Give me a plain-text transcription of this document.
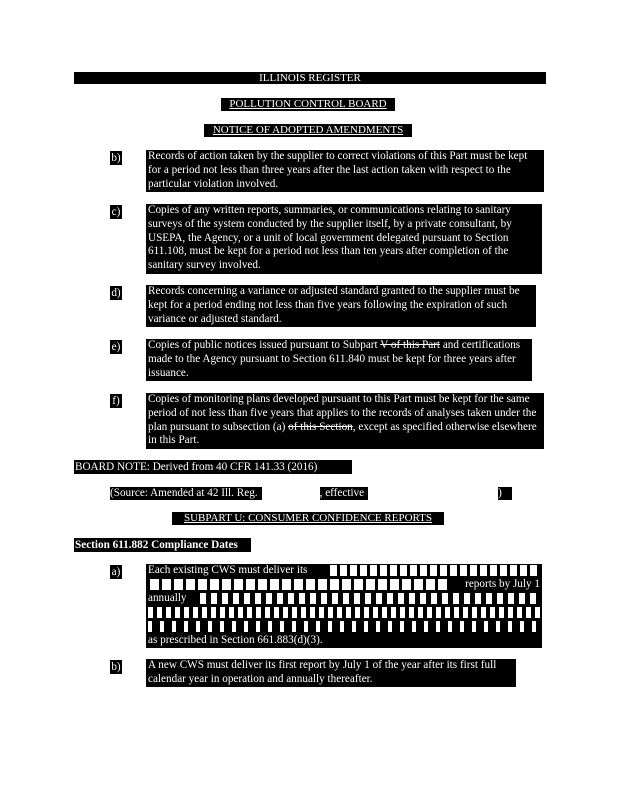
ILLINOIS REGISTER
POLLUTION CONTROL BOARD
NOTICE OF ADOPTED AMENDMENTS
b) Records of action taken by the supplier to correct violations of this Part must be kept for a period not less than three years after the last action taken with respect to the particular violation involved.
c) Copies of any written reports, summaries, or communications relating to sanitary surveys of the system conducted by the supplier itself, by a private consultant, by USEPA, the Agency, or a unit of local government delegated pursuant to Section 611.108, must be kept for a period not less than ten years after completion of the sanitary survey involved.
d) Records concerning a variance or adjusted standard granted to the supplier must be kept for a period ending not less than five years following the expiration of such variance or adjusted standard.
e) Copies of public notices issued pursuant to Subpart V of this Part and certifications made to the Agency pursuant to Section 611.840 must be kept for three years after issuance.
f)	Copies of monitoring plans developed pursuant to this Part must be kept for the same period of not less than five years that applies to the records of analyses taken under the plan pursuant to subsection (a) of this Section, except as specified otherwise elsewhere in this Part.
BOARD NOTE: Derived from 40 CFR 141.33 (2016) (2006).
(Source: Amended at 42 Ill. Reg.	, effective	)
SUBPART U: CONSUMER CONFIDENCE REPORTS
Section 611.882 Compliance Dates
a) Each existing CWS must deliver its
reports by July 1
annually
as prescribed in Section 661.883(d)(3).
b) A new CWS must deliver its first report by July 1 of the year after its first full calendar year in operation and annually thereafter.
